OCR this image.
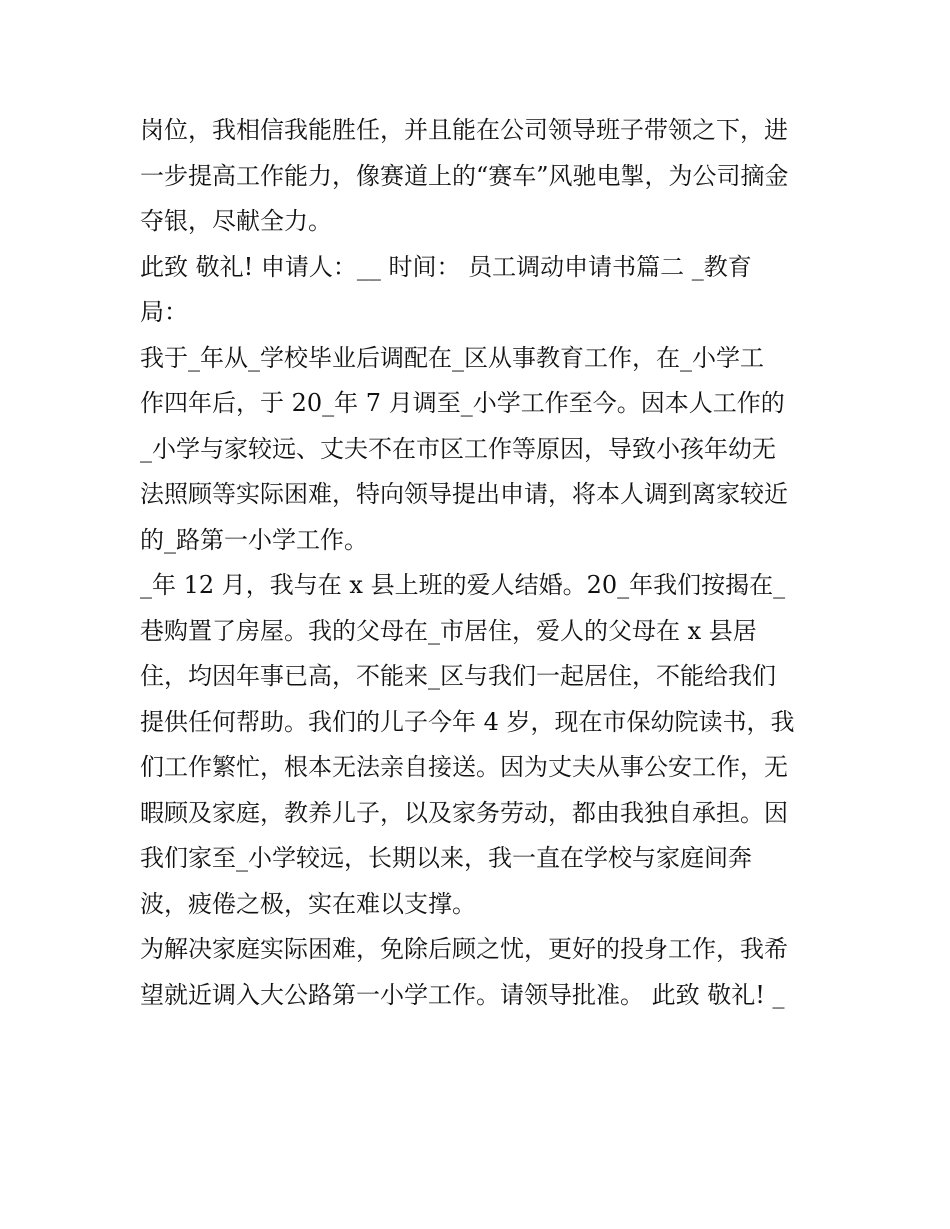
岗位，我相信我能胜任，并且能在公司领导班子带领之下，进
一步提高工作能力，像赛道上的“赛车”风驰电掣，为公司摘金
夺银，尽献全力。
此致 敬礼! 申请人：__ 时间： 员工调动申请书篇二 _教育
局：
我于_年从_学校毕业后调配在_区从事教育工作，在_小学工
作四年后，于 20_年 7 月调至_小学工作至今。因本人工作的
_小学与家较远、丈夫不在市区工作等原因，导致小孩年幼无
法照顾等实际困难，特向领导提出申请，将本人调到离家较近
的_路第一小学工作。
_年 12 月，我与在 x 县上班的爱人结婚。20_年我们按揭在_
巷购置了房屋。我的父母在_市居住，爱人的父母在 x 县居
住，均因年事已高，不能来_区与我们一起居住，不能给我们
提供任何帮助。我们的儿子今年 4 岁，现在市保幼院读书，我
们工作繁忙，根本无法亲自接送。因为丈夫从事公安工作，无
暇顾及家庭，教养儿子，以及家务劳动，都由我独自承担。因
我们家至_小学较远，长期以来，我一直在学校与家庭间奔
波，疲倦之极，实在难以支撑。
为解决家庭实际困难，免除后顾之忧，更好的投身工作，我希
望就近调入大公路第一小学工作。请领导批准。 此致 敬礼! _
